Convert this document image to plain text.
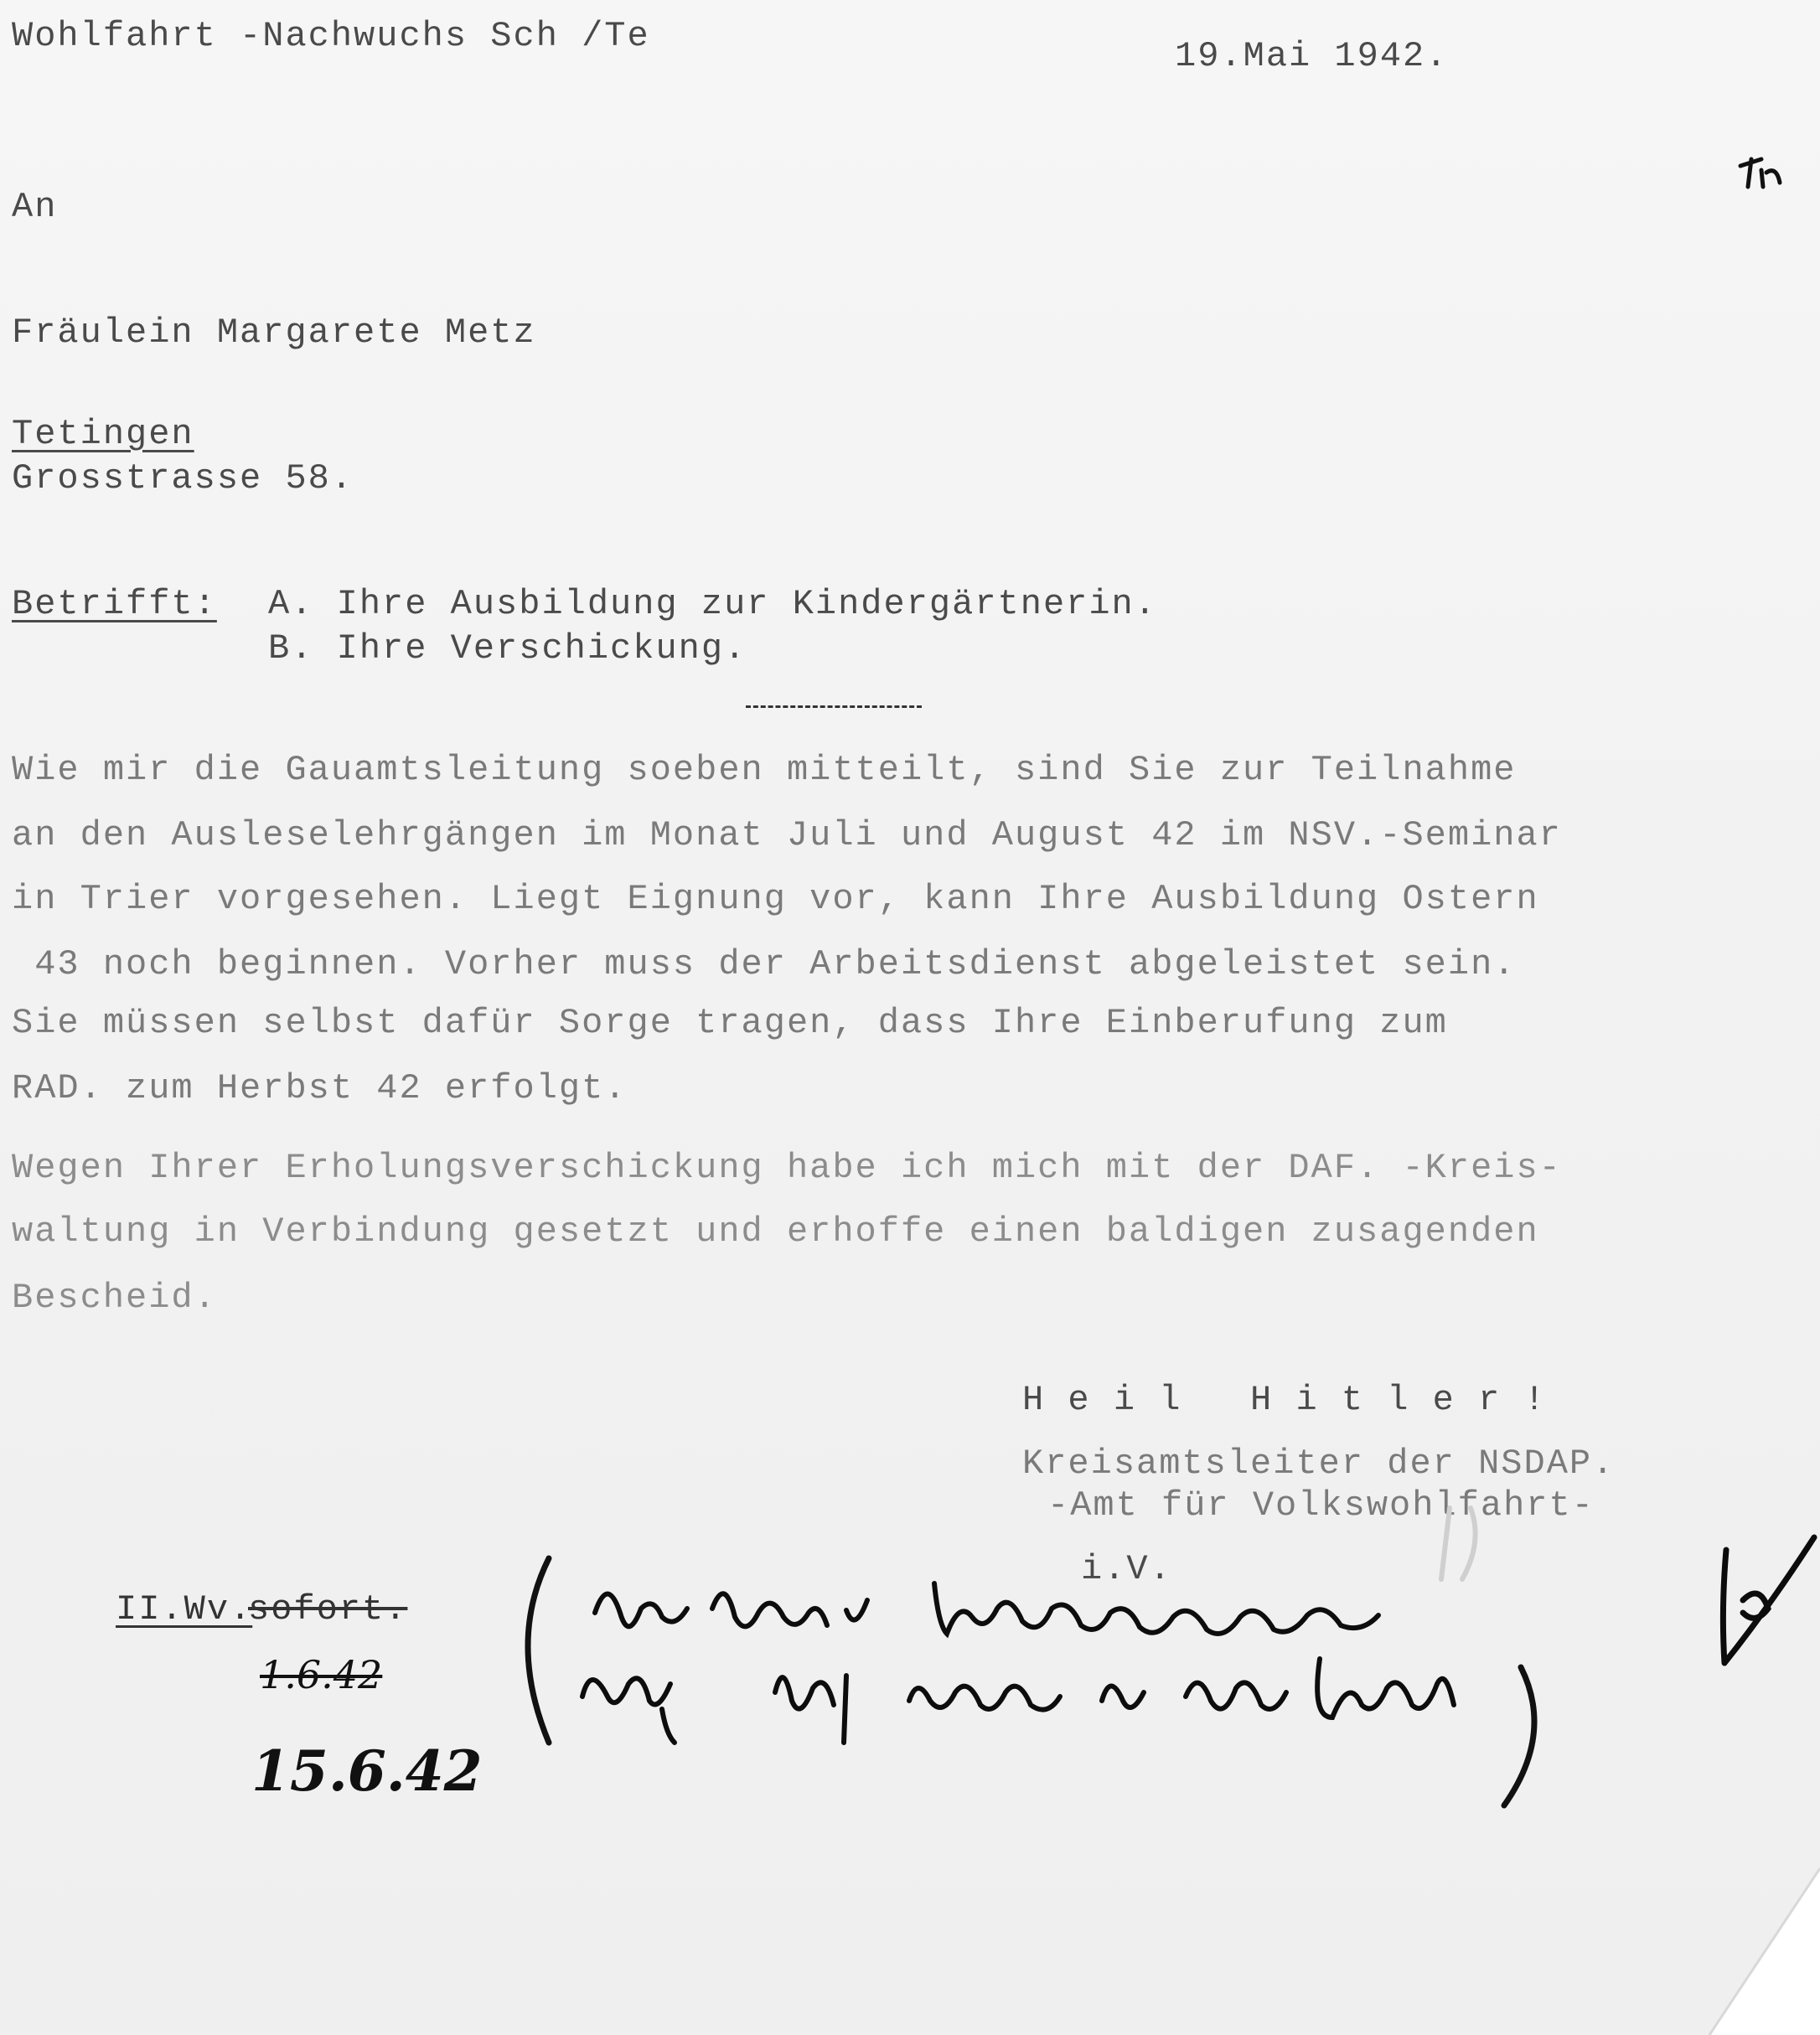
Wohlfahrt -Nachwuchs Sch /Te	19.Mai 1942.
An
Fräulein Margarete Metz
Tetingen
Grosstrasse 58.
Betrifft: A. Ihre Ausbildung zur Kindergärtnerin.
B. Ihre Verschickung.
Wie mir die Gauamtsleitung soeben mitteilt, sind Sie zur Teilnahme
an den Ausleselehrgängen im Monat Juli und August 42 im NSV.-Seminar
in Trier vorgesehen. Liegt Eignung vor, kann Ihre Ausbildung Ostern
43 noch beginnen. Vorher muss der Arbeitsdienst abgeleistet sein.
Sie müssen selbst dafür Sorge tragen, dass Ihre Einberufung zum
RAD. zum Herbst 42 erfolgt.
Wegen Ihrer Erholungsverschickung habe ich mich mit der DAF. -Kreis-
waltung in Verbindung gesetzt und erhoffe einen baldigen zusagenden
Bescheid.
H e i l   H i t l e r !
Kreisamtsleiter der NSDAP.
-Amt für Volkswohlfahrt-
i.V.
II.Wv.
sofort.
1.6.42
15.6.42
